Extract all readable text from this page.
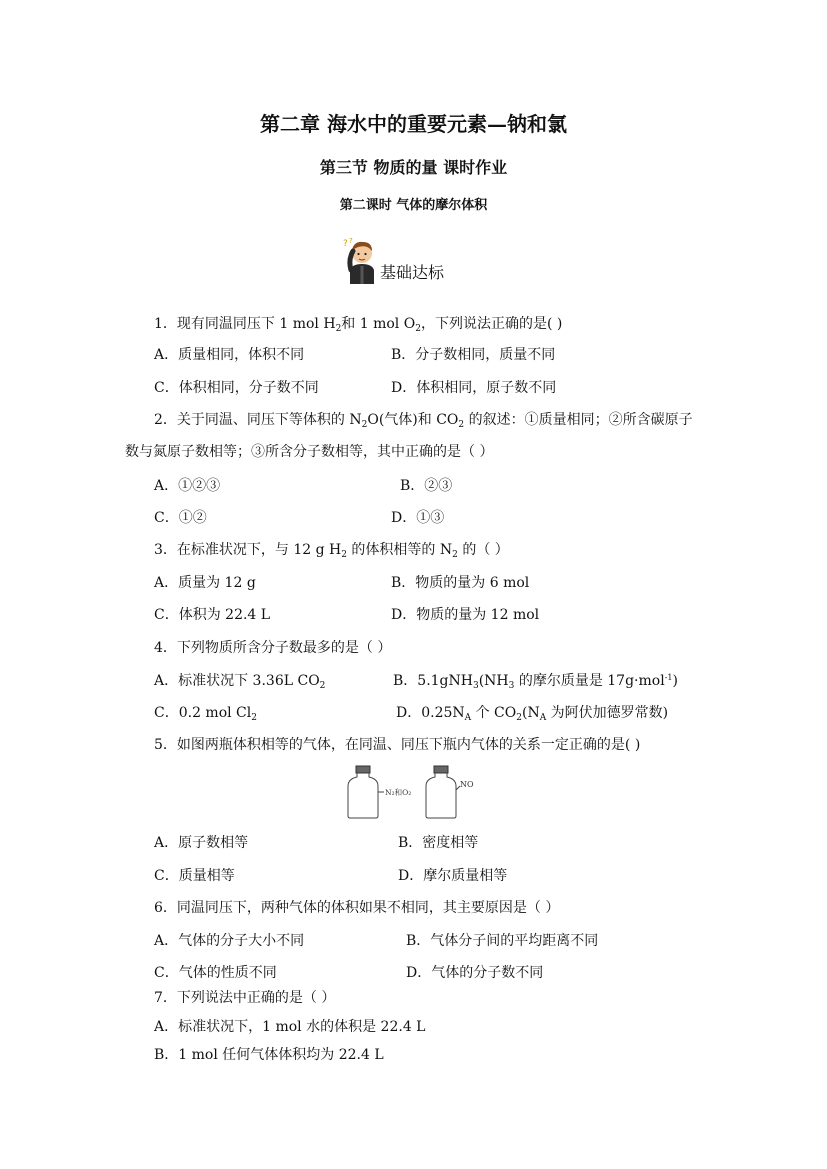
第二章 海水中的重要元素—钠和氯
第三节 物质的量 课时作业
第二课时 气体的摩尔体积
? ?
基础达标
1．现有同温同压下 1 mol $H_2$和 1 mol $O_2$，下列说法正确的是( )
A．质量相同，体积不同	B．分子数相同，质量不同
C．体积相同，分子数不同	D．体积相同，原子数不同
2．关于同温、同压下等体积的 $N_2O$(气体)和 $CO_2$ 的叙述：①质量相同；②所含碳原子
数与氮原子数相等；③所含分子数相等，其中正确的是（ ）
A．①②③	B．②③
C．①②	D．①③
3．在标准状况下，与 12 g $H_2$ 的体积相等的 $N_2$ 的（ ）
A．质量为 12 g	B．物质的量为 6 mol
C．体积为 22.4 L	D．物质的量为 12 mol
4．下列物质所含分子数最多的是（ ）
A．标准状况下 3.36L $CO_2$	B．$5.1gNH_3(NH_3$ 的摩尔质量是 17g·mol$^{-1}$)
C．0.2 mol $Cl_2$	D．$0.25N_A$ 个 $CO_2(N_A$ 为阿伏加德罗常数)
5．如图两瓶体积相等的气体，在同温、同压下瓶内气体的关系一定正确的是( )
N₂和O₂
NO
A．原子数相等	B．密度相等
C．质量相等	D．摩尔质量相等
6．同温同压下，两种气体的体积如果不相同，其主要原因是（ ）
A．气体的分子大小不同	B．气体分子间的平均距离不同
C．气体的性质不同	D．气体的分子数不同
7．下列说法中正确的是（ ）
A．标准状况下，1 mol 水的体积是 22.4 L
B．1 mol 任何气体体积均为 22.4 L
